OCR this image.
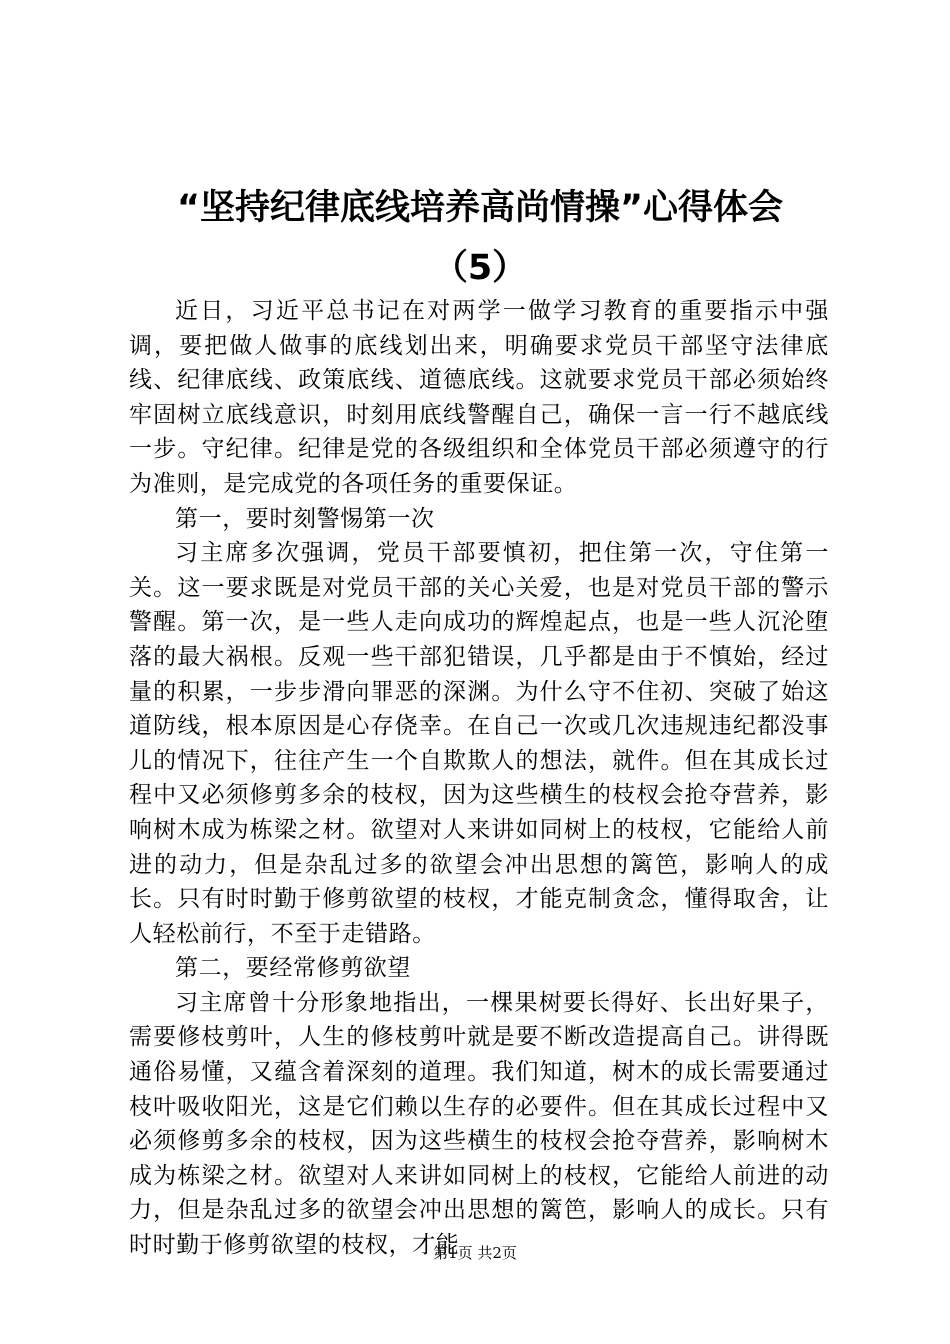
“坚持纪律底线培养高尚情操”心得体会
（5）

近日，习近平总书记在对两学一做学习教育的重要指示中强调，要把做人做事的底线划出来，明确要求党员干部坚守法律底线、纪律底线、政策底线、道德底线。这就要求党员干部必须始终牢固树立底线意识，时刻用底线警醒自己，确保一言一行不越底线一步。守纪律。纪律是党的各级组织和全体党员干部必须遵守的行为准则，是完成党的各项任务的重要保证。

第一，要时刻警惕第一次

习主席多次强调，党员干部要慎初，把住第一次，守住第一关。这一要求既是对党员干部的关心关爱，也是对党员干部的警示警醒。第一次，是一些人走向成功的辉煌起点，也是一些人沉沦堕落的最大祸根。反观一些干部犯错误，几乎都是由于不慎始，经过量的积累，一步步滑向罪恶的深渊。为什么守不住初、突破了始这道防线，根本原因是心存侥幸。在自己一次或几次违规违纪都没事儿的情况下，往往产生一个自欺欺人的想法，就件。但在其成长过程中又必须修剪多余的枝杈，因为这些横生的枝杈会抢夺营养，影响树木成为栋梁之材。欲望对人来讲如同树上的枝杈，它能给人前进的动力，但是杂乱过多的欲望会冲出思想的篱笆，影响人的成长。只有时时勤于修剪欲望的枝杈，才能克制贪念，懂得取舍，让人轻松前行，不至于走错路。

第二，要经常修剪欲望

习主席曾十分形象地指出，一棵果树要长得好、长出好果子，需要修枝剪叶，人生的修枝剪叶就是要不断改造提高自己。讲得既通俗易懂，又蕴含着深刻的道理。我们知道，树木的成长需要通过枝叶吸收阳光，这是它们赖以生存的必要件。但在其成长过程中又必须修剪多余的枝杈，因为这些横生的枝杈会抢夺营养，影响树木成为栋梁之材。欲望对人来讲如同树上的枝杈，它能给人前进的动力，但是杂乱过多的欲望会冲出思想的篱笆，影响人的成长。只有时时勤于修剪欲望的枝杈，才能

第1页 共2页
